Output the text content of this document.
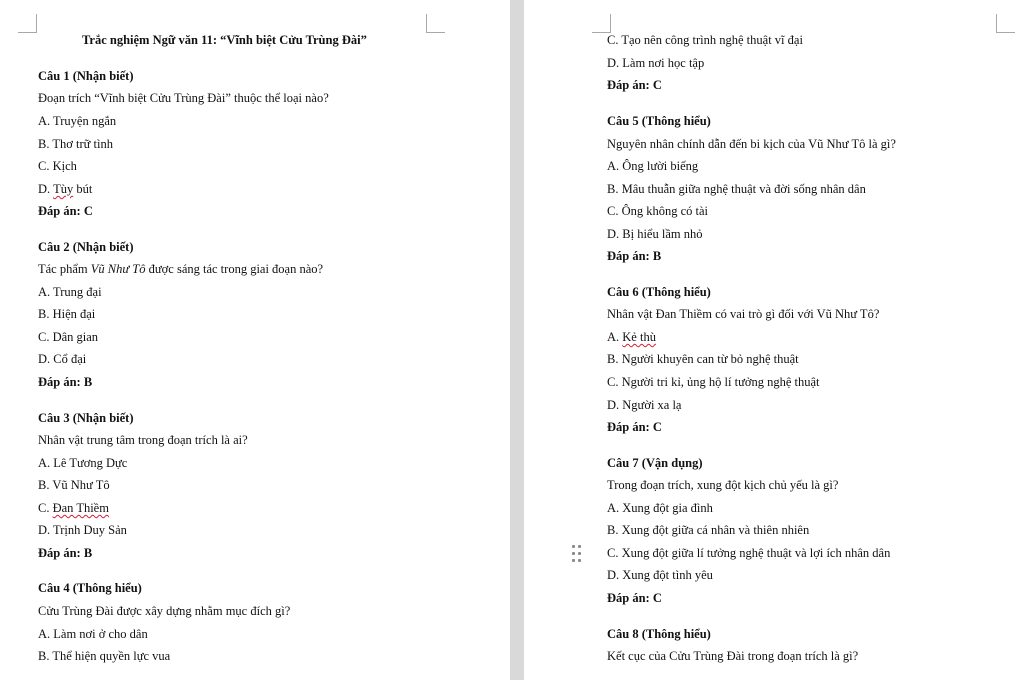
Trắc nghiệm Ngữ văn 11: “Vĩnh biệt Cửu Trùng Đài”
Câu 1 (Nhận biết)
Đoạn trích “Vĩnh biệt Cửu Trùng Đài” thuộc thể loại nào?
A. Truyện ngắn
B. Thơ trữ tình
C. Kịch
D. Tùy bút
Đáp án: C
Câu 2 (Nhận biết)
Tác phẩm Vũ Như Tô được sáng tác trong giai đoạn nào?
A. Trung đại
B. Hiện đại
C. Dân gian
D. Cổ đại
Đáp án: B
Câu 3 (Nhận biết)
Nhân vật trung tâm trong đoạn trích là ai?
A. Lê Tương Dực
B. Vũ Như Tô
C. Đan Thiềm
D. Trịnh Duy Sản
Đáp án: B
Câu 4 (Thông hiểu)
Cửu Trùng Đài được xây dựng nhằm mục đích gì?
A. Làm nơi ở cho dân
B. Thể hiện quyền lực vua
C. Tạo nên công trình nghệ thuật vĩ đại
D. Làm nơi học tập
Đáp án: C
Câu 5 (Thông hiểu)
Nguyên nhân chính dẫn đến bi kịch của Vũ Như Tô là gì?
A. Ông lười biếng
B. Mâu thuẫn giữa nghệ thuật và đời sống nhân dân
C. Ông không có tài
D. Bị hiểu lầm nhỏ
Đáp án: B
Câu 6 (Thông hiểu)
Nhân vật Đan Thiềm có vai trò gì đối với Vũ Như Tô?
A. Kẻ thù
B. Người khuyên can từ bỏ nghệ thuật
C. Người tri kỉ, ủng hộ lí tưởng nghệ thuật
D. Người xa lạ
Đáp án: C
Câu 7 (Vận dụng)
Trong đoạn trích, xung đột kịch chủ yếu là gì?
A. Xung đột gia đình
B. Xung đột giữa cá nhân và thiên nhiên
C. Xung đột giữa lí tưởng nghệ thuật và lợi ích nhân dân
D. Xung đột tình yêu
Đáp án: C
Câu 8 (Thông hiểu)
Kết cục của Cửu Trùng Đài trong đoạn trích là gì?
